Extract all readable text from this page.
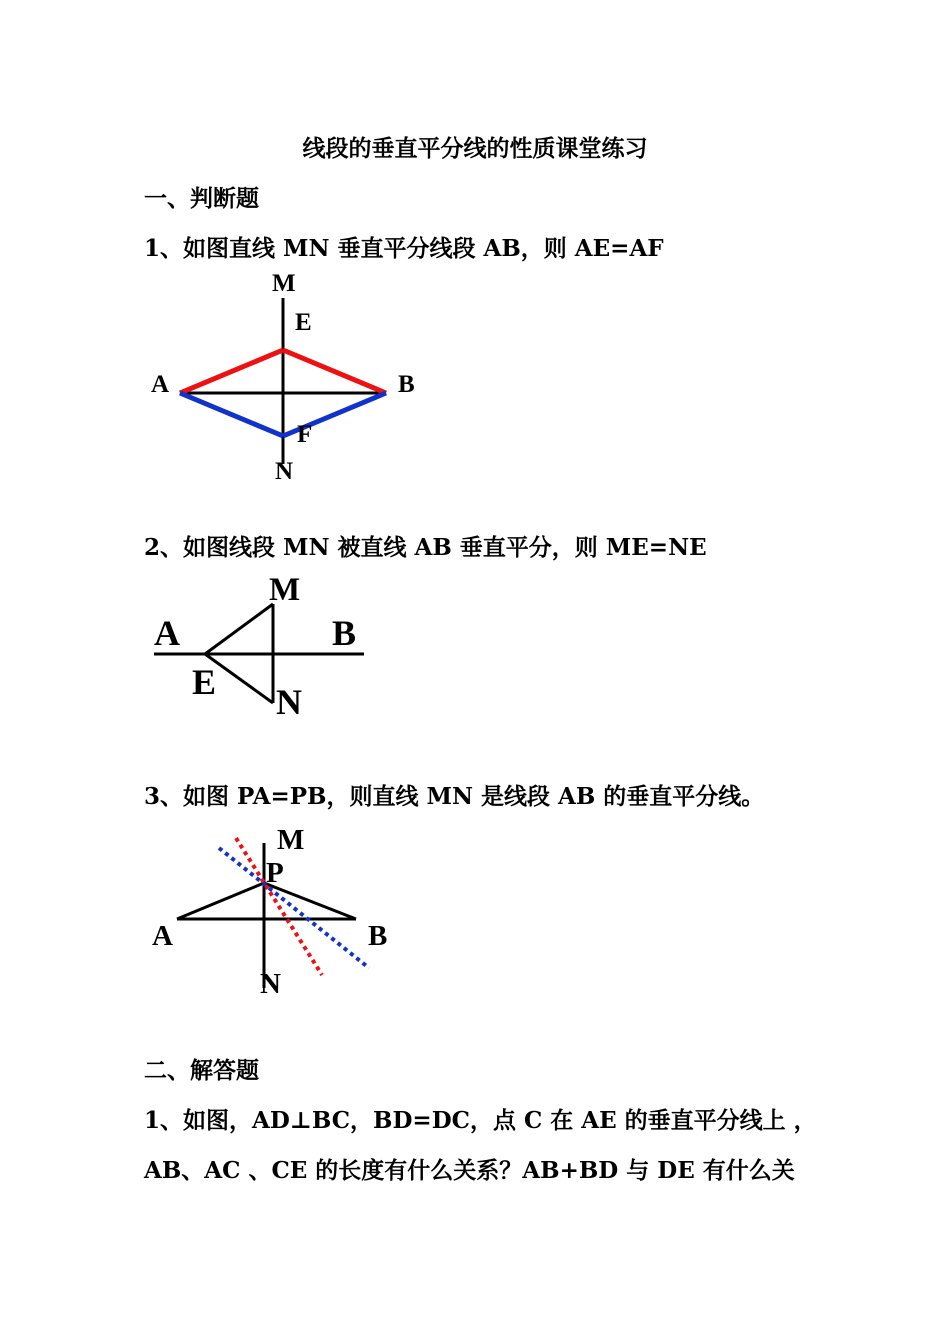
线段的垂直平分线的性质课堂练习
一、判断题
1、如图直线 MN 垂直平分线段 AB，则 AE=AF
M
E
A	B
F
N
2、如图线段 MN 被直线 AB 垂直平分，则 ME=NE
M
A	B
E N
3、如图 PA=PB，则直线 MN 是线段 AB 的垂直平分线。
M
P
A	B
N
二、解答题
1、如图，AD⊥BC，BD=DC，点 C 在 AE 的垂直平分线上 ，
AB、AC 、CE 的长度有什么关系？AB+BD 与 DE 有什么关
